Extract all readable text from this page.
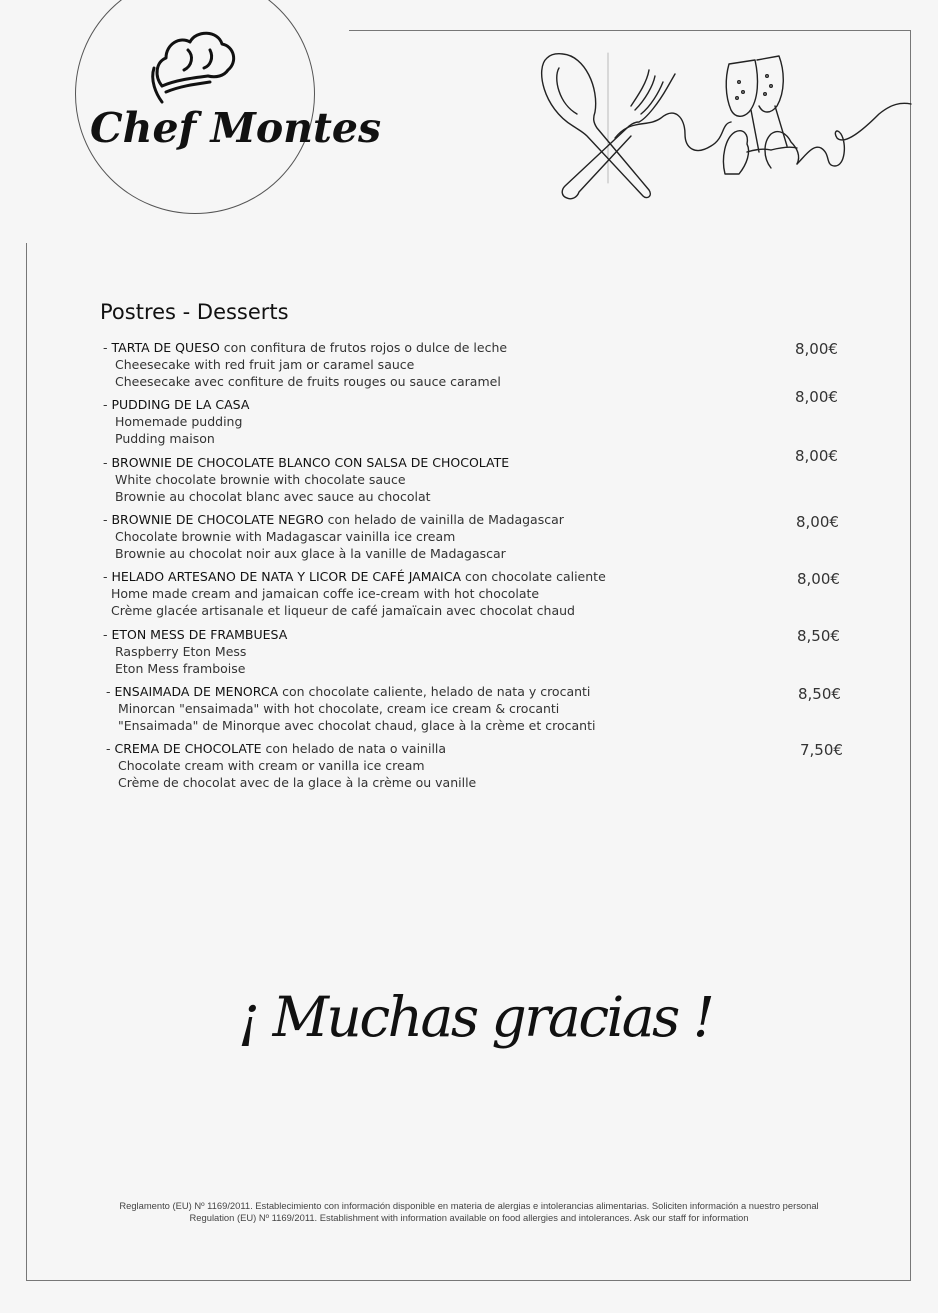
Chef Montes
Postres - Desserts
- TARTA DE QUESO con confitura de frutos rojos o dulce de leche
Cheesecake with red fruit jam or caramel sauce
Cheesecake avec confiture de fruits rouges ou sauce caramel
8,00€
- PUDDING DE LA CASA
Homemade pudding
Pudding maison
8,00€
- BROWNIE DE CHOCOLATE BLANCO CON SALSA DE CHOCOLATE
White chocolate brownie with chocolate sauce
Brownie au chocolat blanc avec sauce au chocolat
8,00€
- BROWNIE DE CHOCOLATE NEGRO con helado de vainilla de Madagascar
Chocolate brownie with Madagascar vainilla ice cream
Brownie au chocolat noir aux glace à la vanille de Madagascar
8,00€
- HELADO ARTESANO DE NATA Y LICOR DE CAFÉ JAMAICA con chocolate caliente
Home made cream and jamaican coffe ice-cream with hot chocolate
Crème glacée artisanale et liqueur de café jamaïcain avec chocolat chaud
8,00€
- ETON MESS DE FRAMBUESA
Raspberry Eton Mess
Eton Mess framboise
8,50€
- ENSAIMADA DE MENORCA con chocolate caliente, helado de nata y crocanti
Minorcan "ensaimada" with hot chocolate, cream ice cream & crocanti
"Ensaimada" de Minorque avec chocolat chaud, glace à la crème et crocanti
8,50€
- CREMA DE CHOCOLATE con helado de nata o vainilla
Chocolate cream with cream or vanilla ice cream
Crème de chocolat avec de la glace à la crème ou vanille
7,50€
¡ Muchas gracias !
Reglamento (EU) Nº 1169/2011. Establecimiento con información disponible en materia de alergias e intolerancias alimentarias. Soliciten información a nuestro personal
Regulation (EU) Nº 1169/2011. Establishment with information available on food allergies and intolerances. Ask our staff for information
